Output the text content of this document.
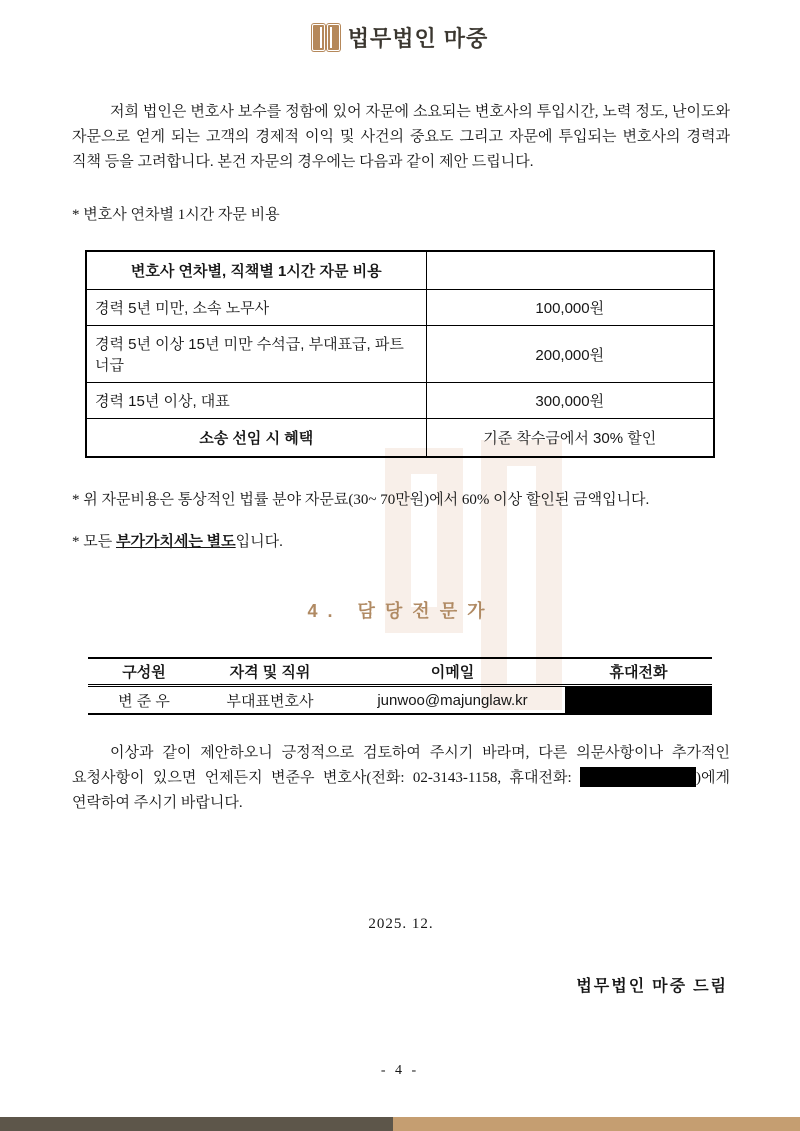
법무법인 마중

저희 법인은 변호사 보수를 정함에 있어 자문에 소요되는 변호사의 투입시간, 노력 정도, 난이도와 자문으로 얻게 되는 고객의 경제적 이익 및 사건의 중요도 그리고 자문에 투입되는 변호사의 경력과 직책 등을 고려합니다. 본건 자문의 경우에는 다음과 같이 제안 드립니다.

* 변호사 연차별 1시간 자문 비용

변호사 연차별, 직책별 1시간 자문 비용	
경력 5년 미만, 소속 노무사	100,000원
경력 5년 이상 15년 미만 수석급, 부대표급, 파트너급	200,000원
경력 15년 이상, 대표	300,000원
소송 선임 시 혜택	기준 착수금에서 30% 할인

* 위 자문비용은 통상적인 법률 분야 자문료(30~ 70만원)에서 60% 이상 할인된 금액입니다.

* 모든 부가가치세는 별도입니다.

4. 담당전문가
구성원	자격 및 직위	이메일	휴대전화
변 준 우	부대표변호사	junwoo@majunglaw.kr	

이상과 같이 제안하오니 긍정적으로 검토하여 주시기 바라며, 다른 의문사항이나 추가적인 요청사항이 있으면 언제든지 변준우 변호사(전화: 02-3143-1158, 휴대전화:	)에게 연락하여 주시기 바랍니다.

2025. 12.

법무법인 마중 드림

- 4 -
